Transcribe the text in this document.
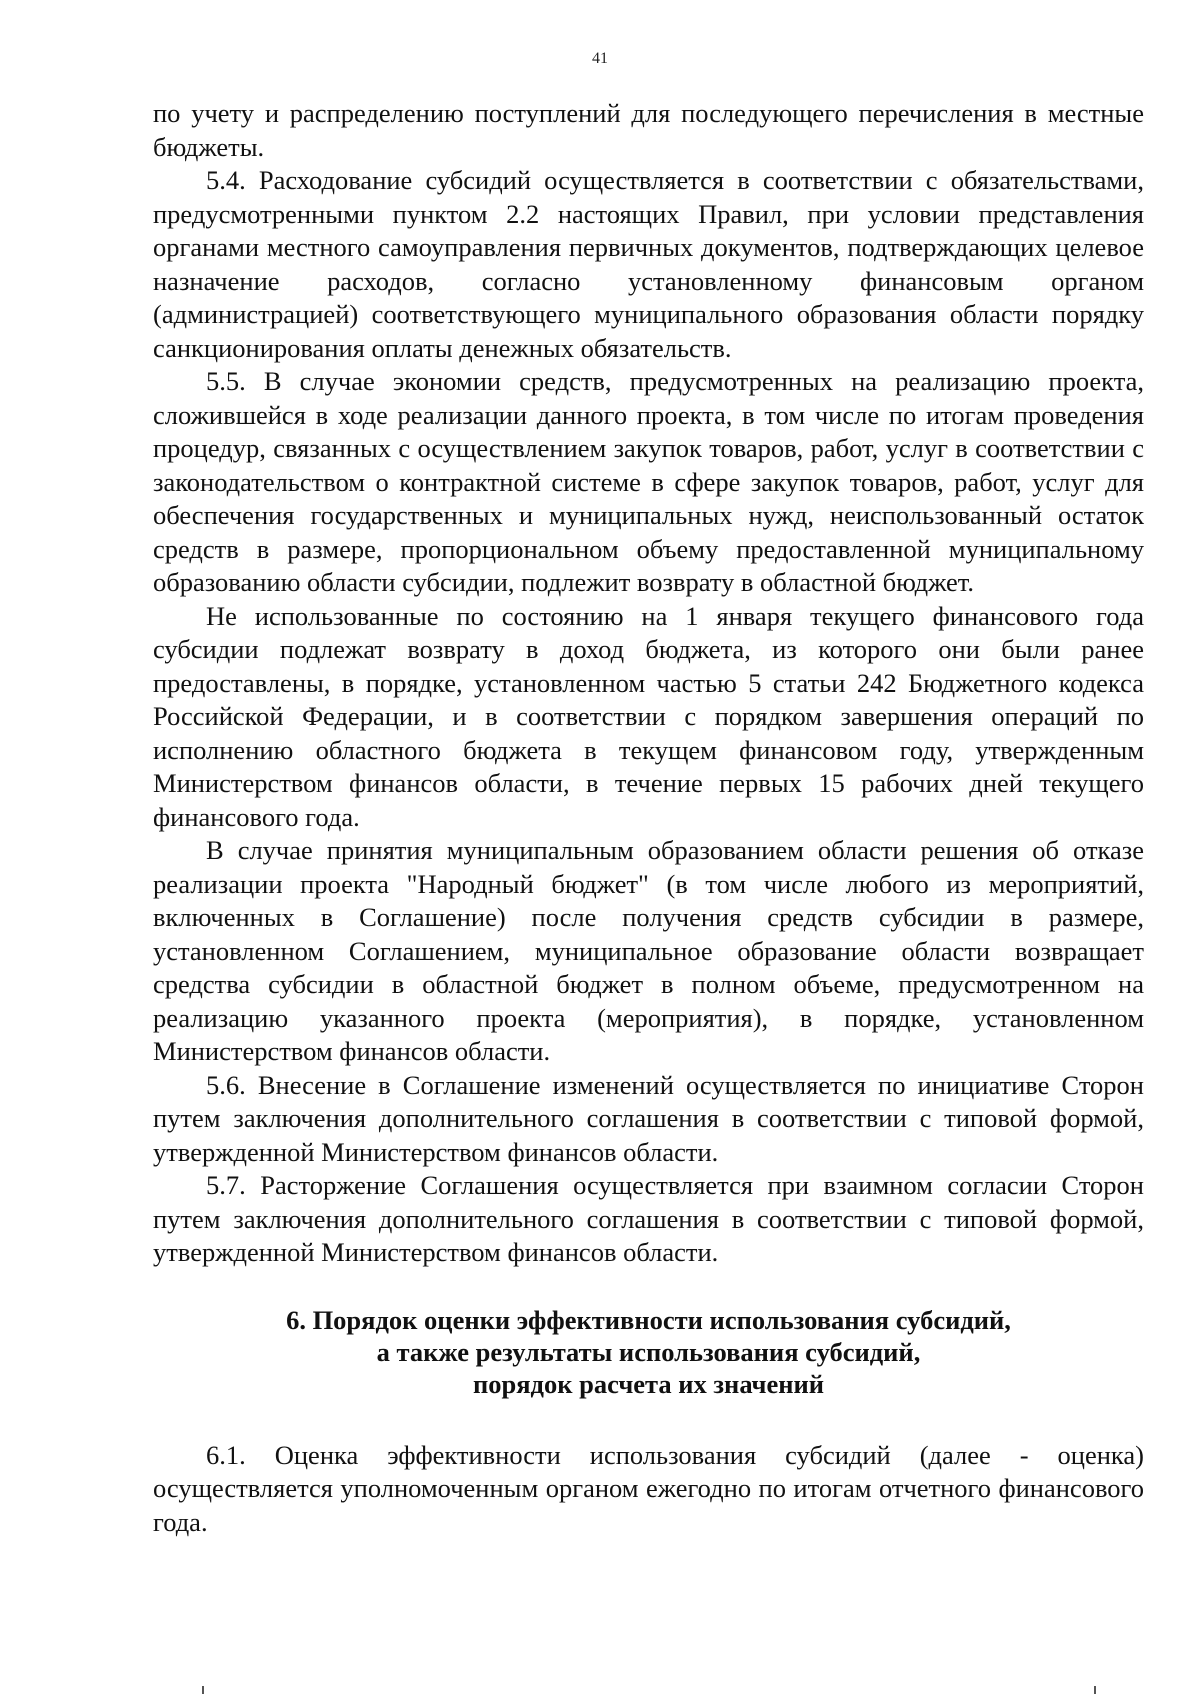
41

по учету и распределению поступлений для последующего перечисления в местные бюджеты.

5.4. Расходование субсидий осуществляется в соответствии с обязательствами, предусмотренными пунктом 2.2 настоящих Правил, при условии представления органами местного самоуправления первичных документов, подтверждающих целевое назначение расходов, согласно установленному финансовым органом (администрацией) соответствующего муниципального образования области порядку санкционирования оплаты денежных обязательств.

5.5. В случае экономии средств, предусмотренных на реализацию проекта, сложившейся в ходе реализации данного проекта, в том числе по итогам проведения процедур, связанных с осуществлением закупок товаров, работ, услуг в соответствии с законодательством о контрактной системе в сфере закупок товаров, работ, услуг для обеспечения государственных и муниципальных нужд, неиспользованный остаток средств в размере, пропорциональном объему предоставленной муниципальному образованию области субсидии, подлежит возврату в областной бюджет.

Не использованные по состоянию на 1 января текущего финансового года субсидии подлежат возврату в доход бюджета, из которого они были ранее предоставлены, в порядке, установленном частью 5 статьи 242 Бюджетного кодекса Российской Федерации, и в соответствии с порядком завершения операций по исполнению областного бюджета в текущем финансовом году, утвержденным Министерством финансов области, в течение первых 15 рабочих дней текущего финансового года.

В случае принятия муниципальным образованием области решения об отказе реализации проекта "Народный бюджет" (в том числе любого из мероприятий, включенных в Соглашение) после получения средств субсидии в размере, установленном Соглашением, муниципальное образование области возвращает средства субсидии в областной бюджет в полном объеме, предусмотренном на реализацию указанного проекта (мероприятия), в порядке, установленном Министерством финансов области.

5.6. Внесение в Соглашение изменений осуществляется по инициативе Сторон путем заключения дополнительного соглашения в соответствии с типовой формой, утвержденной Министерством финансов области.

5.7. Расторжение Соглашения осуществляется при взаимном согласии Сторон путем заключения дополнительного соглашения в соответствии с типовой формой, утвержденной Министерством финансов области.

6. Порядок оценки эффективности использования субсидий,
а также результаты использования субсидий,
порядок расчета их значений

6.1. Оценка эффективности использования субсидий (далее - оценка) осуществляется уполномоченным органом ежегодно по итогам отчетного финансового года.
